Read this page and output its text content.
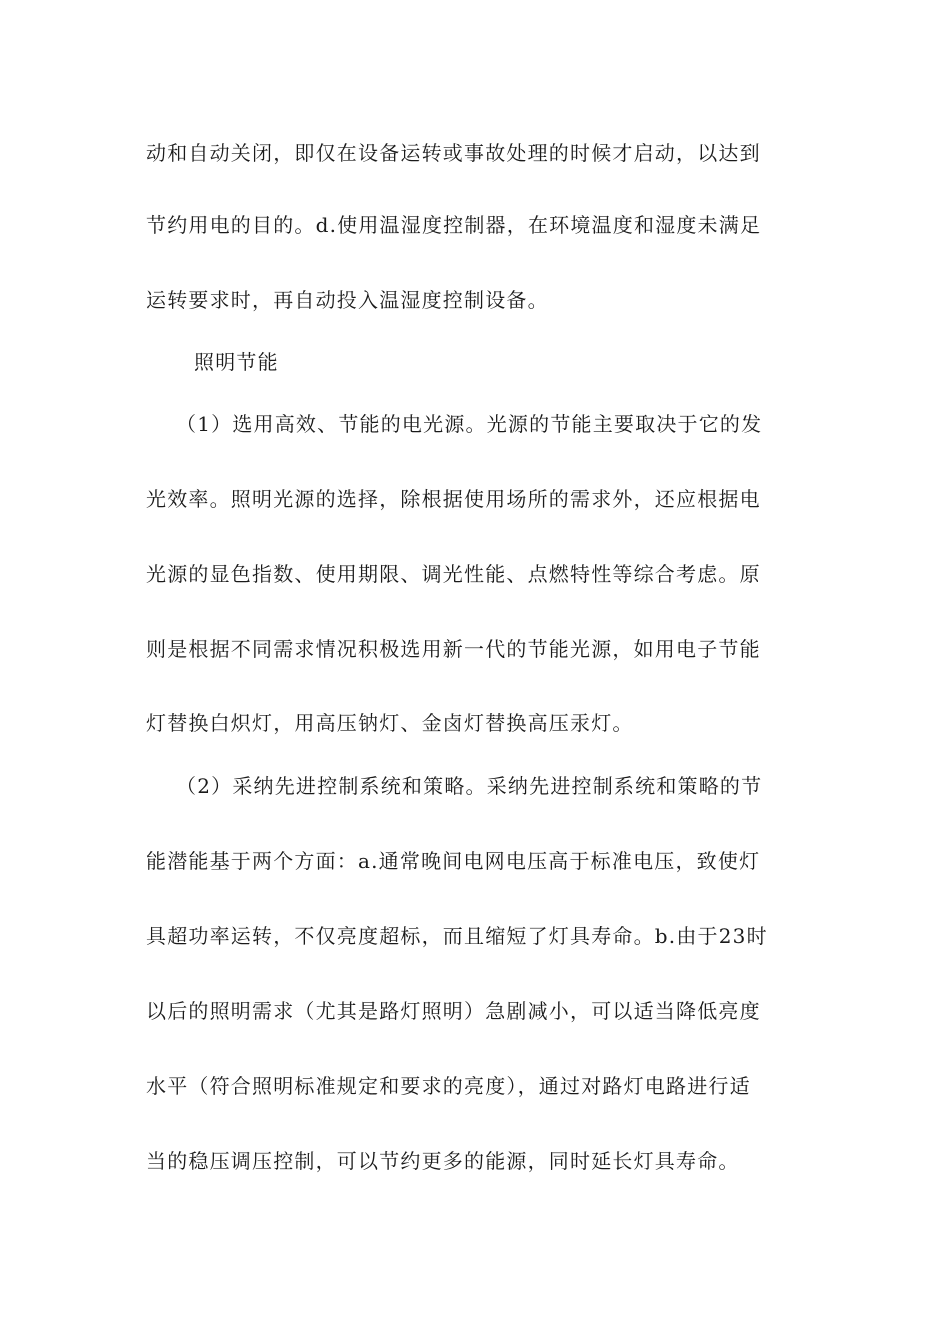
动和自动关闭，即仅在设备运转或事故处理的时候才启动，以达到

节约用电的目的。d.使用温湿度控制器，在环境温度和湿度未满足

运转要求时，再自动投入温湿度控制设备。

照明节能

（1）选用高效、节能的电光源。光源的节能主要取决于它的发

光效率。照明光源的选择，除根据使用场所的需求外，还应根据电

光源的显色指数、使用期限、调光性能、点燃特性等综合考虑。原

则是根据不同需求情况积极选用新一代的节能光源，如用电子节能

灯替换白炽灯，用高压钠灯、金卤灯替换高压汞灯。

（2）采纳先进控制系统和策略。采纳先进控制系统和策略的节

能潜能基于两个方面：a.通常晚间电网电压高于标准电压，致使灯

具超功率运转，不仅亮度超标，而且缩短了灯具寿命。b.由于23时

以后的照明需求（尤其是路灯照明）急剧减小，可以适当降低亮度

水平（符合照明标准规定和要求的亮度），通过对路灯电路进行适

当的稳压调压控制，可以节约更多的能源，同时延长灯具寿命。
